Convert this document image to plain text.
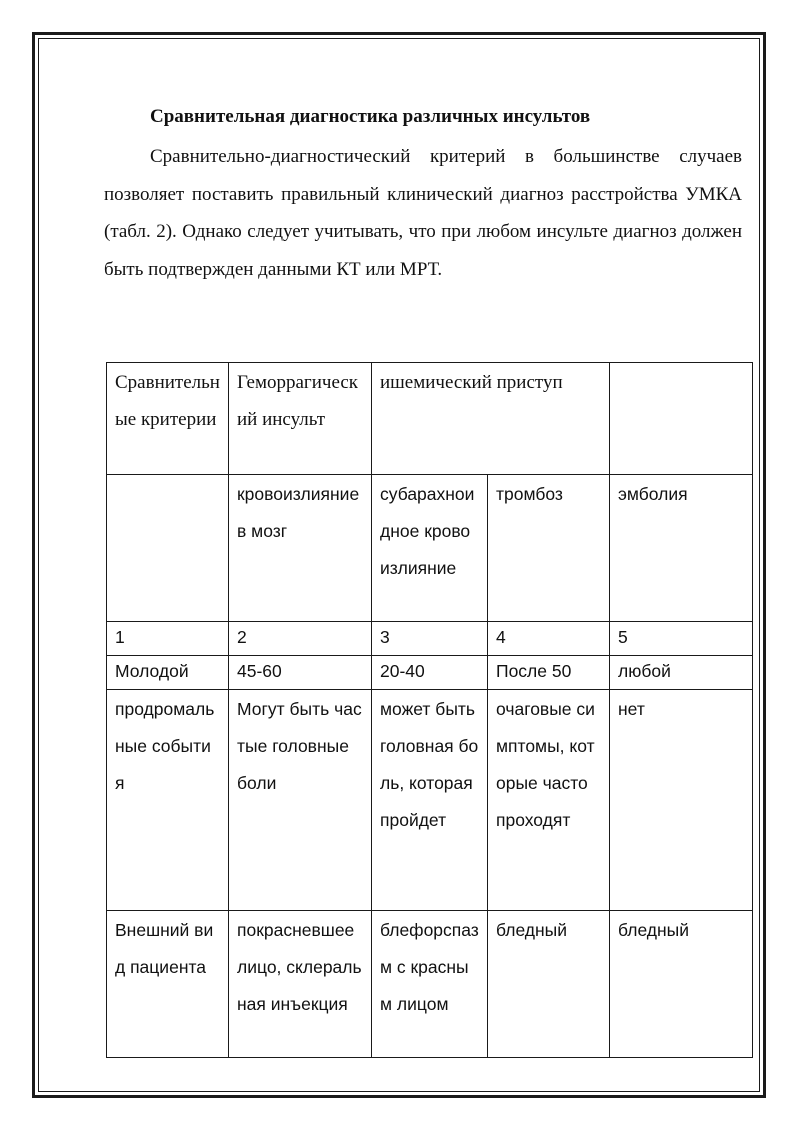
Сравнительная диагностика различных инсультов

Сравнительно-диагностический критерий в большинстве случаев позволяет поставить правильный клинический диагноз расстройства УМКА (табл. 2). Однако следует учитывать, что при любом инсульте диагноз должен быть подтвержден данными КТ или МРТ.

Сравнительные критерии	Геморрагический инсульт	ишемический приступ		
	кровоизлияние в мозг	субарахноидное кровоизлияние	тромбоз	эмболия
1	2	3	4	5
Молодой	45-60	20-40	После 50	любой
продромальные события	Могут быть частые головные боли	может быть головная боль, которая пройдет	очаговые симптомы, которые часто проходят	нет
Внешний вид пациента	покрасневшее лицо, склеральная инъекция	блефорспазм с красным лицом	бледный	бледный
